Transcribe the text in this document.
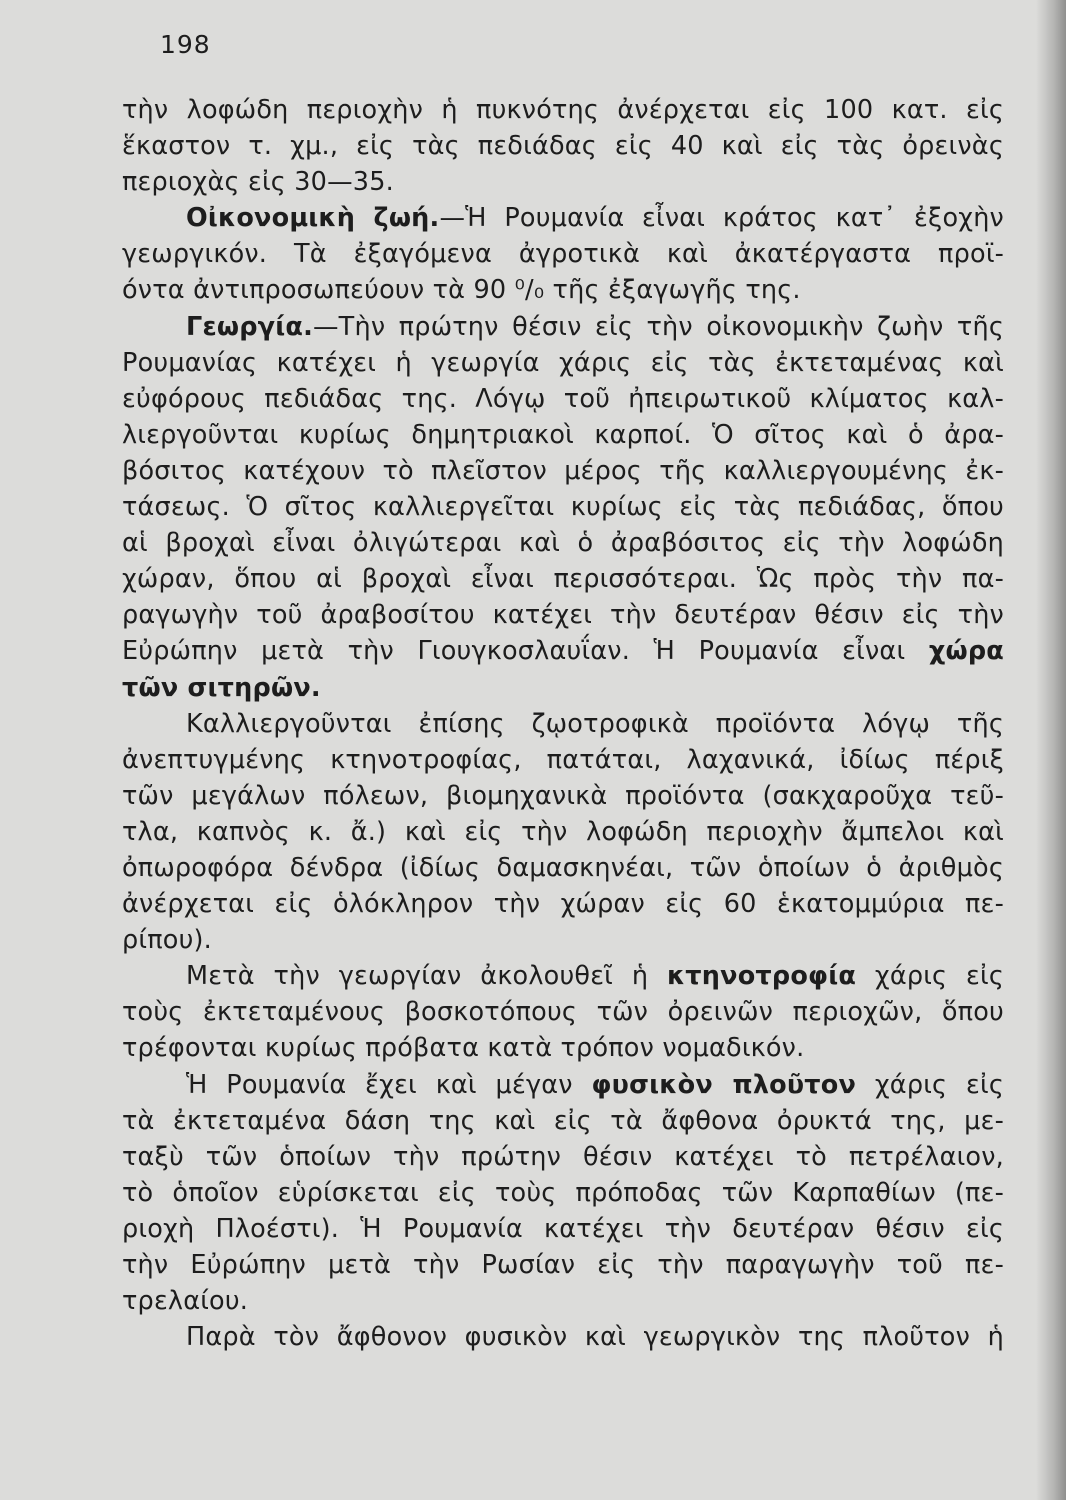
198
τὴν λοφώδη περιοχὴν ἡ πυκνότης ἀνέρχεται εἰς 100 κατ. εἰς
ἕκαστον τ. χμ., εἰς τὰς πεδιάδας εἰς 40 καὶ εἰς τὰς ὀρεινὰς
περιοχὰς εἰς 30—35.
Οἰκονομικὴ ζωή.—Ἡ Ρουμανία εἶναι κράτος κατ᾽ ἐξοχὴν
γεωργικόν. Τὰ ἐξαγόμενα ἀγροτικὰ καὶ ἀκατέργαστα προϊ-
όντα ἀντιπροσωπεύουν τὰ 90 ⁰/₀ τῆς ἐξαγωγῆς της.
Γεωργία.—Τὴν πρώτην θέσιν εἰς τὴν οἰκονομικὴν ζωὴν τῆς
Ρουμανίας κατέχει ἡ γεωργία χάρις εἰς τὰς ἐκτεταμένας καὶ
εὐφόρους πεδιάδας της. Λόγῳ τοῦ ἠπειρωτικοῦ κλίματος καλ-
λιεργοῦνται κυρίως δημητριακοὶ καρποί. Ὁ σῖτος καὶ ὁ ἀρα-
βόσιτος κατέχουν τὸ πλεῖστον μέρος τῆς καλλιεργουμένης ἐκ-
τάσεως. Ὁ σῖτος καλλιεργεῖται κυρίως εἰς τὰς πεδιάδας, ὅπου
αἱ βροχαὶ εἶναι ὀλιγώτεραι καὶ ὁ ἀραβόσιτος εἰς τὴν λοφώδη
χώραν, ὅπου αἱ βροχαὶ εἶναι περισσότεραι. Ὡς πρὸς τὴν πα-
ραγωγὴν τοῦ ἀραβοσίτου κατέχει τὴν δευτέραν θέσιν εἰς τὴν
Εὐρώπην μετὰ τὴν Γιουγκοσλαυΐαν. Ἡ Ρουμανία εἶναι χώρα
τῶν σιτηρῶν.
Καλλιεργοῦνται ἐπίσης ζῳοτροφικὰ προϊόντα λόγῳ τῆς
ἀνεπτυγμένης κτηνοτροφίας, πατάται, λαχανικά, ἰδίως πέριξ
τῶν μεγάλων πόλεων, βιομηχανικὰ προϊόντα (σακχαροῦχα τεῦ-
τλα, καπνὸς κ. ἄ.) καὶ εἰς τὴν λοφώδη περιοχὴν ἄμπελοι καὶ
ὀπωροφόρα δένδρα (ἰδίως δαμασκηνέαι, τῶν ὁποίων ὁ ἀριθμὸς
ἀνέρχεται εἰς ὁλόκληρον τὴν χώραν εἰς 60 ἑκατομμύρια πε-
ρίπου).
Μετὰ τὴν γεωργίαν ἀκολουθεῖ ἡ κτηνοτροφία χάρις εἰς
τοὺς ἐκτεταμένους βοσκοτόπους τῶν ὀρεινῶν περιοχῶν, ὅπου
τρέφονται κυρίως πρόβατα κατὰ τρόπον νομαδικόν.
Ἡ Ρουμανία ἔχει καὶ μέγαν φυσικὸν πλοῦτον χάρις εἰς
τὰ ἐκτεταμένα δάση της καὶ εἰς τὰ ἄφθονα ὀρυκτά της, με-
ταξὺ τῶν ὁποίων τὴν πρώτην θέσιν κατέχει τὸ πετρέλαιον,
τὸ ὁποῖον εὑρίσκεται εἰς τοὺς πρόποδας τῶν Καρπαθίων (πε-
ριοχὴ Πλοέστι). Ἡ Ρουμανία κατέχει τὴν δευτέραν θέσιν εἰς
τὴν Εὐρώπην μετὰ τὴν Ρωσίαν εἰς τὴν παραγωγὴν τοῦ πε-
τρελαίου.
Παρὰ τὸν ἄφθονον φυσικὸν καὶ γεωργικὸν της πλοῦτον ἡ
